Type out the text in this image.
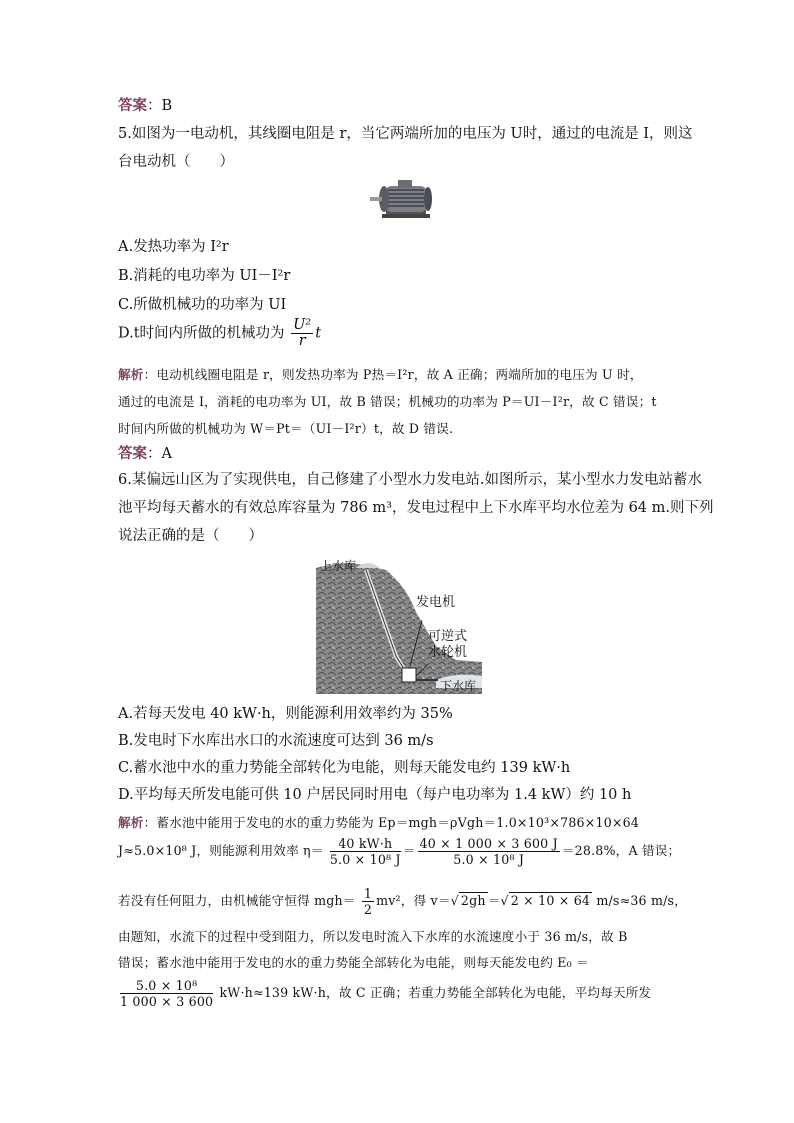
答案：B
5.如图为一电动机，其线圈电阻是 r，当它两端所加的电压为 U时，通过的电流是 I，则这
台电动机（　　）
A.发热功率为 I²r
B.消耗的电功率为 UI－I²r
C.所做机械功的功率为 UI
D.t时间内所做的机械功为 $\frac{\text{U²}}{r}$ t
解析：电动机线圈电阻是 r，则发热功率为 P热＝I²r，故 A 正确；两端所加的电压为 U 时，
通过的电流是 I，消耗的电功率为 UI，故 B 错误；机械功的功率为 P＝UI－I²r，故 C 错误；t
时间内所做的机械功为 W＝Pt＝（UI－I²r）t，故 D 错误.
答案：A
6.某偏远山区为了实现供电，自己修建了小型水力发电站.如图所示，某小型水力发电站蓄水
池平均每天蓄水的有效总库容量为 786 m³，发电过程中上下水库平均水位差为 64 m.则下列
说法正确的是（　　）
上水库
发电机
可逆式
水轮机
下水库
A.若每天发电 40 kW·h，则能源利用效率约为 35%
B.发电时下水库出水口的水流速度可达到 36 m/s
C.蓄水池中水的重力势能全部转化为电能，则每天能发电约 139 kW·h
D.平均每天所发电能可供 10 户居民同时用电（每户电功率为 1.4 kW）约 10 h
解析：蓄水池中能用于发电的水的重力势能为 Ep＝mgh＝ρVgh＝1.0×10³×786×10×64
J≈5.0×10⁸ J，则能源利用效率 $\eta= \frac{40 kW\cdot h}{\text{5.0 × 10⁸ J}} = \frac{40 \times 1 000 \times 3 600 J}{\text{5.0 × 10⁸ J}} =28.8\%$，A 错误；
若没有任何阻力，由机械能守恒得 $mgh= \frac{1}{2} mv^2$，得 v＝√ 2gh ＝√ 2 × 10 × 64 m/s≈36 m/s，
由题知，水流下的过程中受到阻力，所以发电时流入下水库的水流速度小于 36 m/s，故 B
错误；蓄水池中能用于发电的水的重力势能全部转化为电能，则每天能发电约 E₀ ＝
$\frac{\text{5.0 × 10⁸}}{1 000 \times 3 600} kW\cdot h\approx 139$ kW·h，故 C 正确；若重力势能全部转化为电能，平均每天所发
